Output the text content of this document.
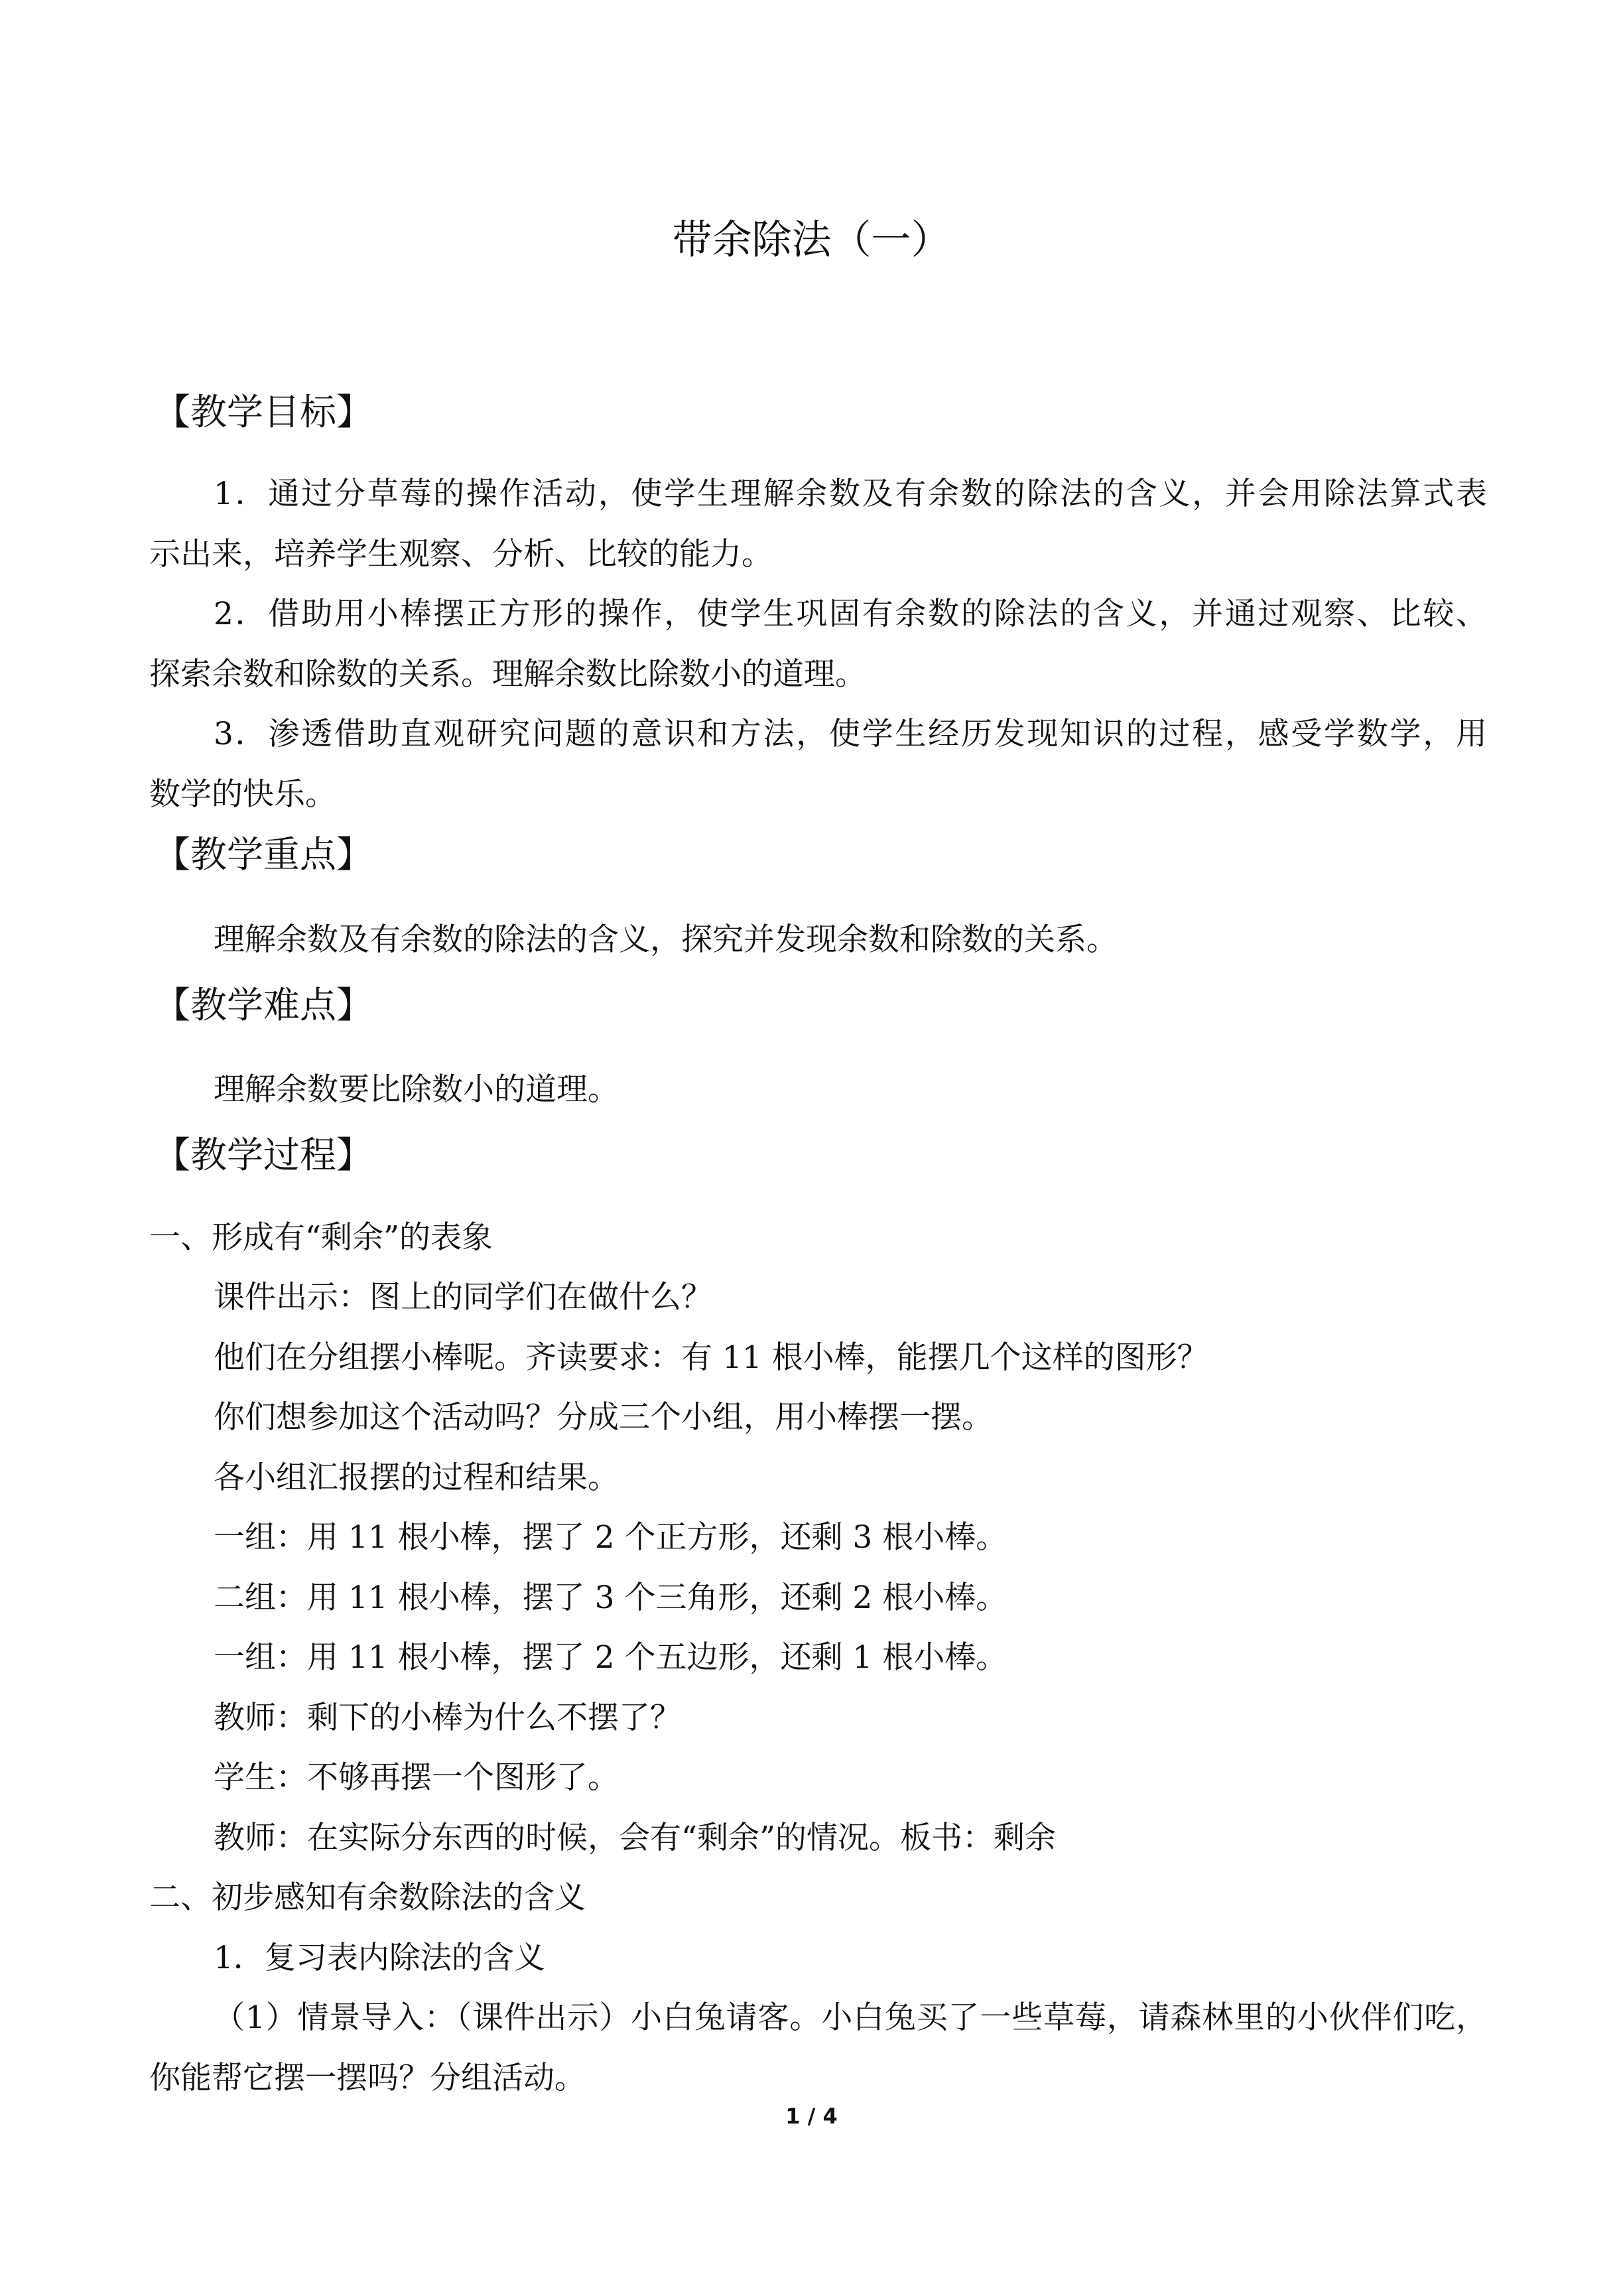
带余除法（一）
【教学目标】
1．通过分草莓的操作活动，使学生理解余数及有余数的除法的含义，并会用除法算式表
示出来，培养学生观察、分析、比较的能力。
2．借助用小棒摆正方形的操作，使学生巩固有余数的除法的含义，并通过观察、比较、
探索余数和除数的关系。理解余数比除数小的道理。
3．渗透借助直观研究问题的意识和方法，使学生经历发现知识的过程，感受学数学，用
数学的快乐。
【教学重点】
理解余数及有余数的除法的含义，探究并发现余数和除数的关系。
【教学难点】
理解余数要比除数小的道理。
【教学过程】
一、形成有“剩余”的表象
课件出示：图上的同学们在做什么？
他们在分组摆小棒呢。齐读要求：有 11 根小棒，能摆几个这样的图形？
你们想参加这个活动吗？分成三个小组，用小棒摆一摆。
各小组汇报摆的过程和结果。
一组：用 11 根小棒，摆了 2 个正方形，还剩 3 根小棒。
二组：用 11 根小棒，摆了 3 个三角形，还剩 2 根小棒。
一组：用 11 根小棒，摆了 2 个五边形，还剩 1 根小棒。
教师：剩下的小棒为什么不摆了？
学生：不够再摆一个图形了。
教师：在实际分东西的时候，会有“剩余”的情况。板书：剩余
二、初步感知有余数除法的含义
1．复习表内除法的含义
（1）情景导入：（课件出示）小白兔请客。小白兔买了一些草莓，请森林里的小伙伴们吃，
你能帮它摆一摆吗？分组活动。
1 / 4
